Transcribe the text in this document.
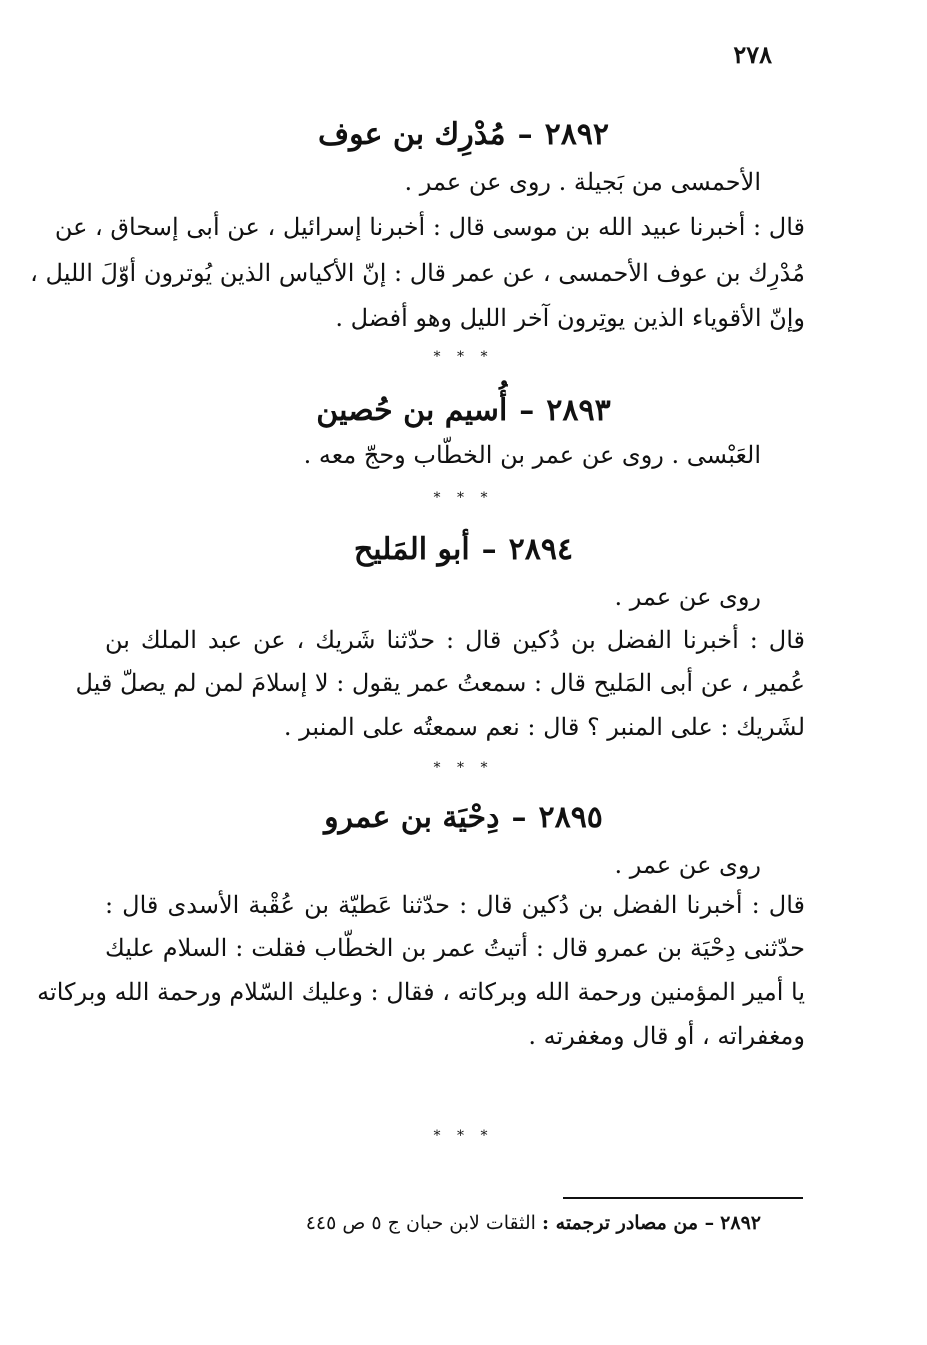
٢٧٨
٢٨٩٢–مُدْرِك بن عوف
الأحمسى من بَجيلة . روى عن عمر .
قال : أخبرنا عبيد الله بن موسى قال : أخبرنا إسرائيل ، عن أبى إسحاق ، عن
مُدْرِك بن عوف الأحمسى ، عن عمر قال : إنّ الأكياس الذين يُوترون أوّلَ الليل ،
وإنّ الأقوياء الذين يوتِرون آخر الليل وهو أفضل .
* * *
٢٨٩٣–أُسيم بن حُصين
العَبْسى . روى عن عمر بن الخطّاب وحجّ معه .
* * *
٢٨٩٤–أبو المَليح
روى عن عمر .
قال : أخبرنا الفضل بن دُكين قال : حدّثنا شَريك ، عن عبد الملك بن
عُمير ، عن أبى المَليح قال : سمعتُ عمر يقول : لا إسلامَ لمن لم يصلّ قيل
لشَريك : على المنبر ؟ قال : نعم سمعتُه على المنبر .
* * *
٢٨٩٥–دِحْيَة بن عمرو
روى عن عمر .
قال : أخبرنا الفضل بن دُكين قال : حدّثنا عَطيّة بن عُقْبة الأسدى قال :
حدّثنى دِحْيَة بن عمرو قال : أتيتُ عمر بن الخطّاب فقلت : السلام عليك
يا أمير المؤمنين ورحمة الله وبركاته ، فقال : وعليك السّلام ورحمة الله وبركاته
ومغفراته ، أو قال ومغفرته .
* * *
٢٨٩٢ – من مصادر ترجمته : الثقات لابن حبان ج ٥ ص ٤٤٥
